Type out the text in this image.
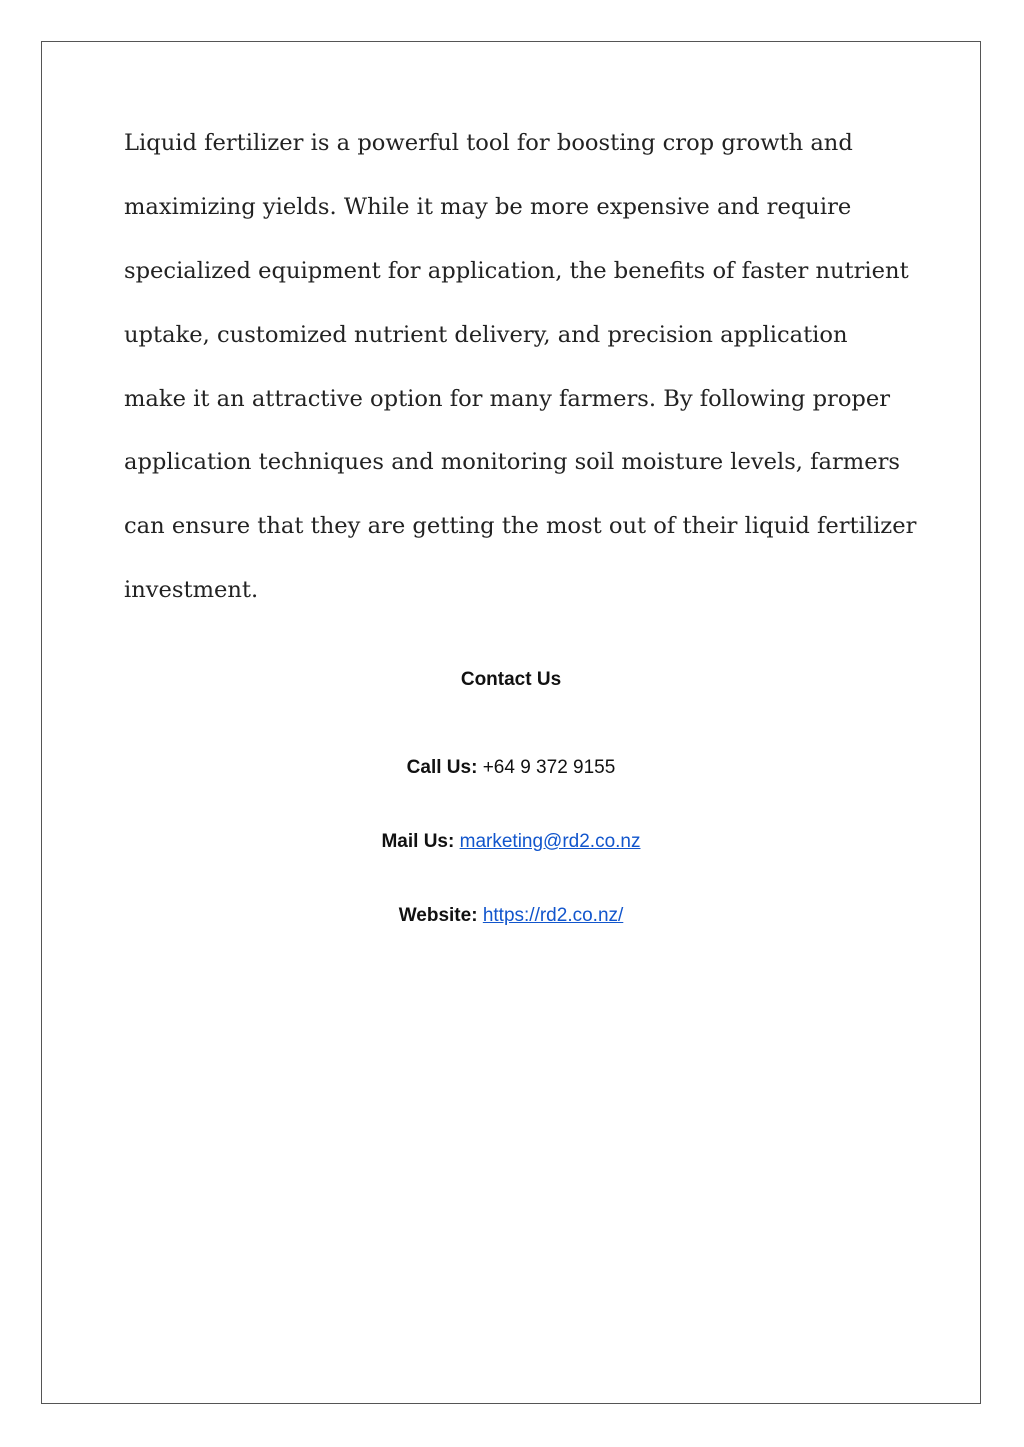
Liquid fertilizer is a powerful tool for boosting crop growth and
maximizing yields. While it may be more expensive and require
specialized equipment for application, the benefits of faster nutrient
uptake, customized nutrient delivery, and precision application
make it an attractive option for many farmers. By following proper
application techniques and monitoring soil moisture levels, farmers
can ensure that they are getting the most out of their liquid fertilizer
investment.
Contact Us
Call Us: +64 9 372 9155
Mail Us: marketing@rd2.co.nz
Website: https://rd2.co.nz/
